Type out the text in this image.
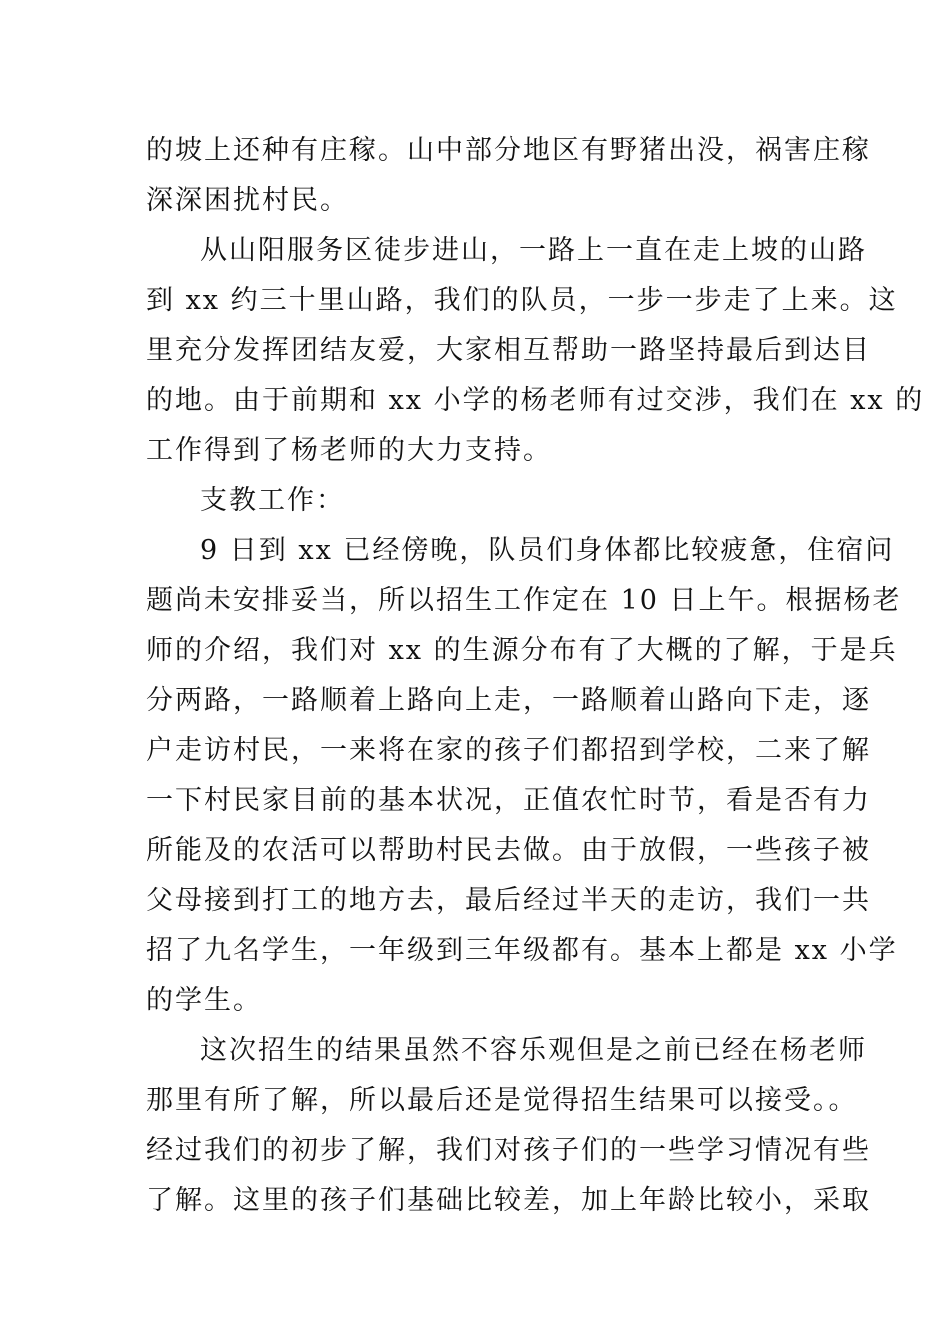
的坡上还种有庄稼。山中部分地区有野猪出没，祸害庄稼
深深困扰村民。
从山阳服务区徒步进山，一路上一直在走上坡的山路
到 xx 约三十里山路，我们的队员，一步一步走了上来。这
里充分发挥团结友爱，大家相互帮助一路坚持最后到达目
的地。由于前期和 xx 小学的杨老师有过交涉，我们在 xx 的
工作得到了杨老师的大力支持。
支教工作：
9 日到 xx 已经傍晚，队员们身体都比较疲惫，住宿问
题尚未安排妥当，所以招生工作定在 10 日上午。根据杨老
师的介绍，我们对 xx 的生源分布有了大概的了解，于是兵
分两路，一路顺着上路向上走，一路顺着山路向下走，逐
户走访村民，一来将在家的孩子们都招到学校，二来了解
一下村民家目前的基本状况，正值农忙时节，看是否有力
所能及的农活可以帮助村民去做。由于放假，一些孩子被
父母接到打工的地方去，最后经过半天的走访，我们一共
招了九名学生，一年级到三年级都有。基本上都是 xx 小学
的学生。
这次招生的结果虽然不容乐观但是之前已经在杨老师
那里有所了解，所以最后还是觉得招生结果可以接受。。
经过我们的初步了解，我们对孩子们的一些学习情况有些
了解。这里的孩子们基础比较差，加上年龄比较小，采取
